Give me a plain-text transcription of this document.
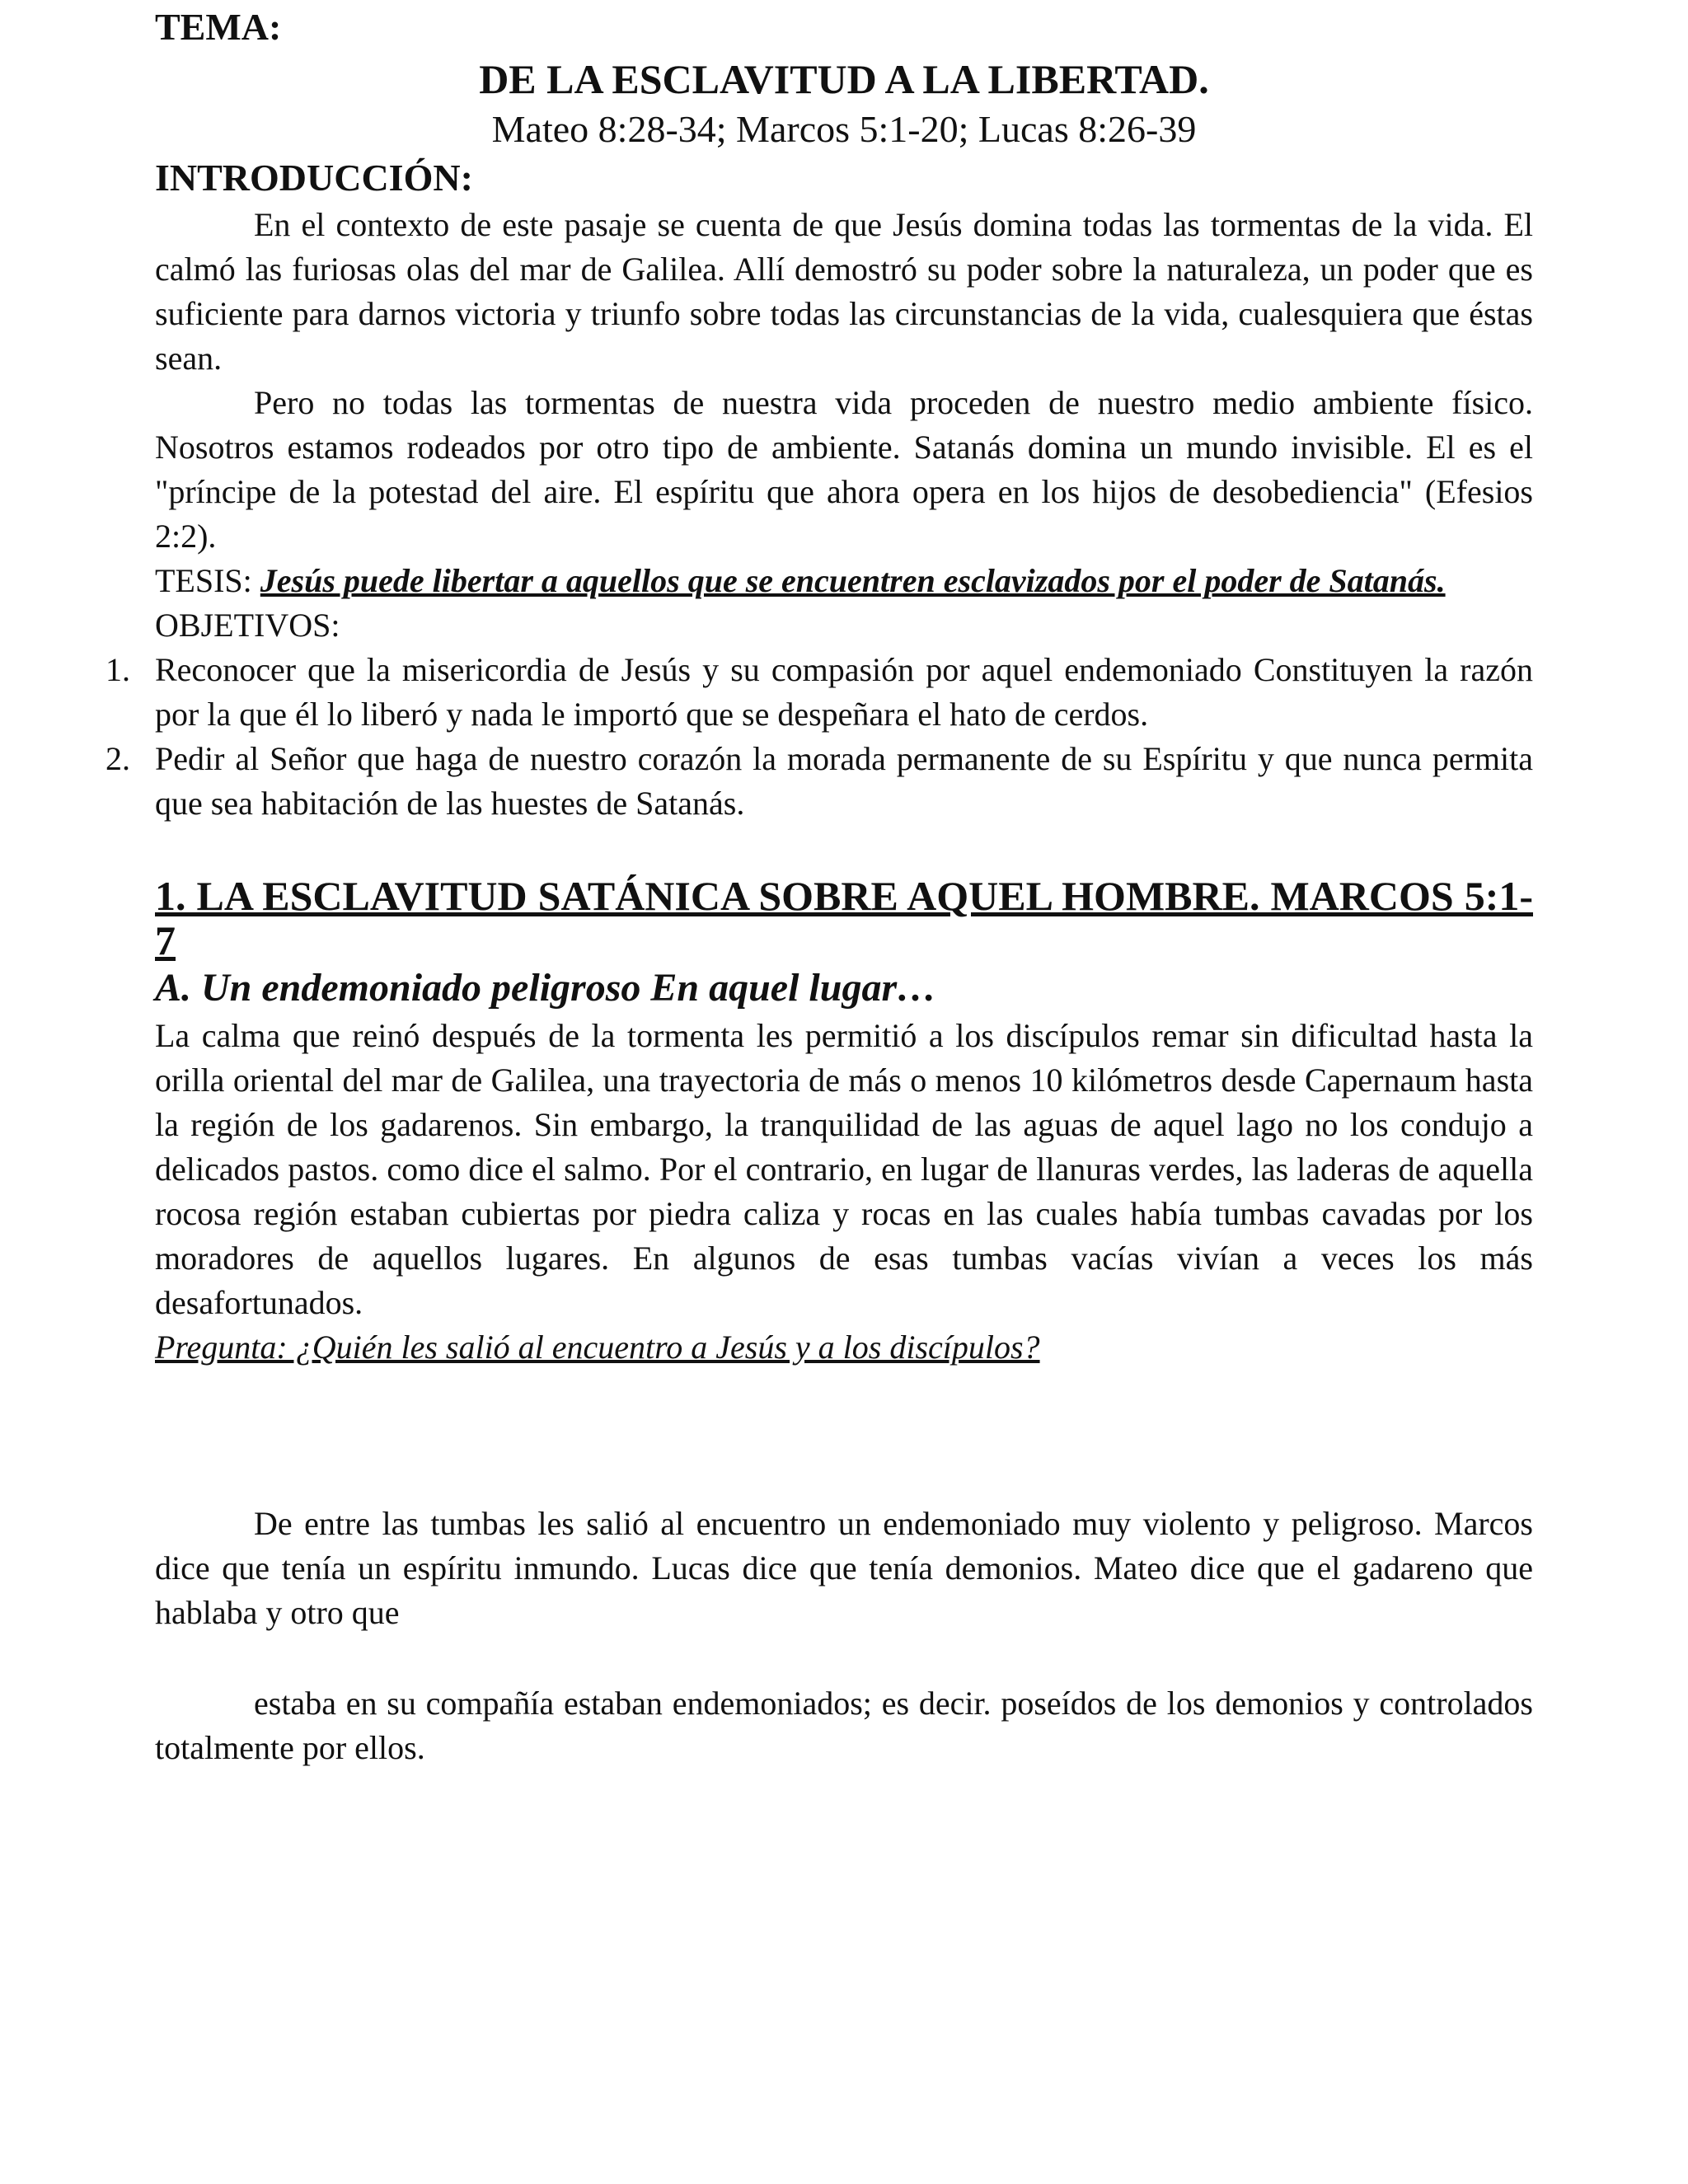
TEMA:
DE LA ESCLAVITUD A LA LIBERTAD.
Mateo 8:28-34; Marcos 5:1-20; Lucas 8:26-39
INTRODUCCIÓN:

En el contexto de este pasaje se cuenta de que Jesús domina todas las tormentas de la vida. El calmó las furiosas olas del mar de Galilea. Allí demostró su poder sobre la naturaleza, un poder que es suficiente para darnos victoria y triunfo sobre todas las circunstancias de la vida, cualesquiera que éstas sean.

Pero no todas las tormentas de nuestra vida proceden de nuestro medio ambiente físico. Nosotros estamos rodeados por otro tipo de ambiente. Satanás domina un mundo invisible. El es el "príncipe de la potestad del aire. El espíritu que ahora opera en los hijos de desobediencia" (Efesios 2:2).

TESIS: Jesús puede libertar a aquellos que se encuentren esclavizados por el poder de Satanás.

OBJETIVOS:

1. Reconocer que la misericordia de Jesús y su compasión por aquel endemoniado Constituyen la razón por la que él lo liberó y nada le importó que se despeñara el hato de cerdos.
2. Pedir al Señor que haga de nuestro corazón la morada permanente de su Espíritu y que nunca permita que sea habitación de las huestes de Satanás.
1. LA ESCLAVITUD SATÁNICA SOBRE AQUEL HOMBRE. MARCOS 5:1-7
A. Un endemoniado peligroso En aquel lugar…

La calma que reinó después de la tormenta les permitió a los discípulos remar sin dificultad hasta la orilla oriental del mar de Galilea, una trayectoria de más o menos 10 kilómetros desde Capernaum hasta la región de los gadarenos. Sin embargo, la tranquilidad de las aguas de aquel lago no los condujo a delicados pastos. como dice el salmo. Por el contrario, en lugar de llanuras verdes, las laderas de aquella rocosa región estaban cubiertas por piedra caliza y rocas en las cuales había tumbas cavadas por los moradores de aquellos lugares. En algunos de esas tumbas vacías vivían a veces los más desafortunados.

Pregunta: ¿Quién les salió al encuentro a Jesús y a los discípulos?

De entre las tumbas les salió al encuentro un endemoniado muy violento y peligroso. Marcos dice que tenía un espíritu inmundo. Lucas dice que tenía demonios. Mateo dice que el gadareno que hablaba y otro que

estaba en su compañía estaban endemoniados; es decir. poseídos de los demonios y controlados totalmente por ellos.
